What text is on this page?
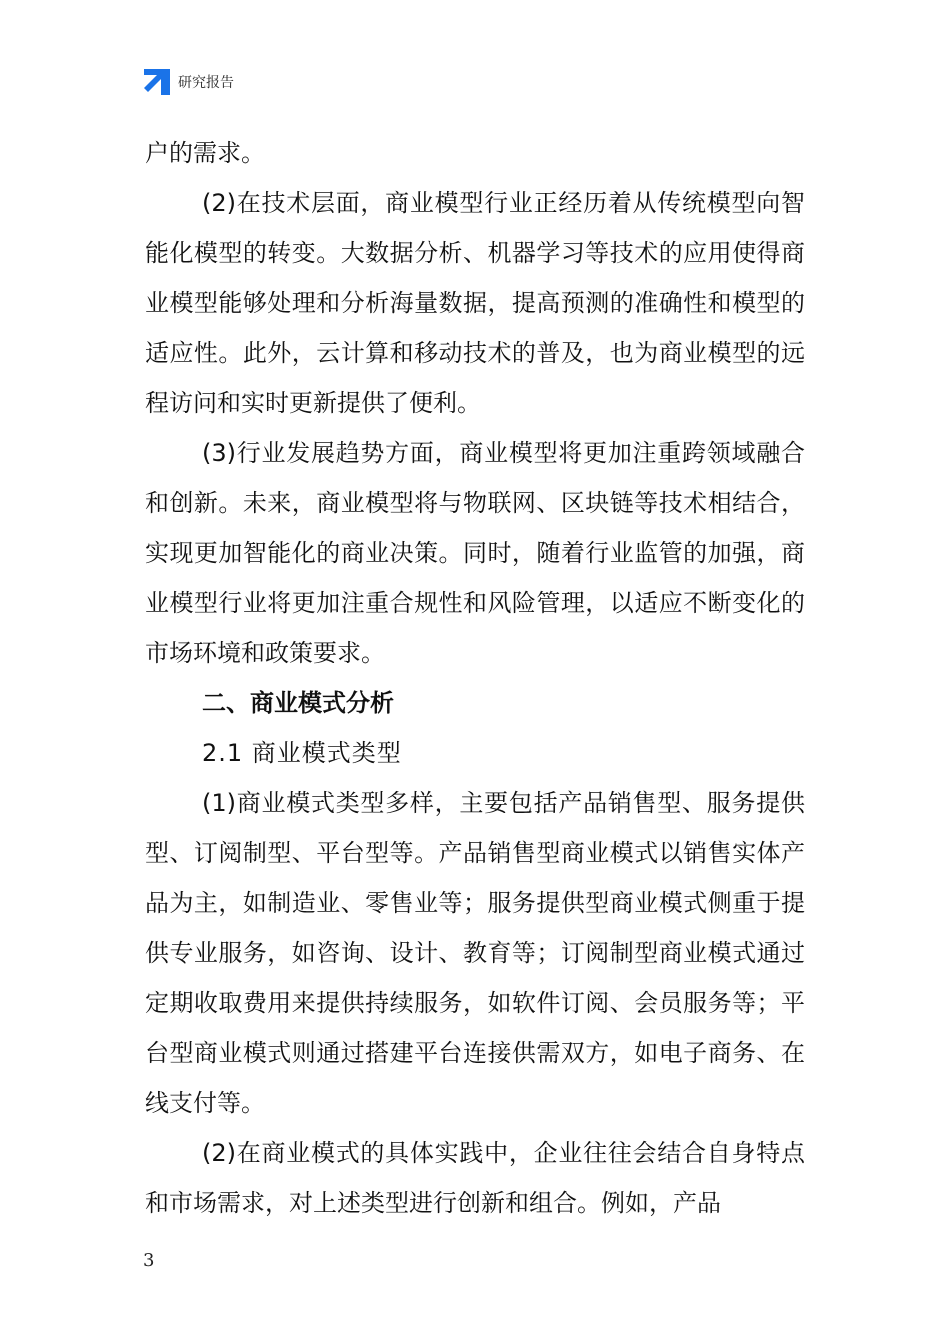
研究报告

户的需求。

(2)在技术层面，商业模型行业正经历着从传统模型向智能化模型的转变。大数据分析、机器学习等技术的应用使得商业模型能够处理和分析海量数据，提高预测的准确性和模型的适应性。此外，云计算和移动技术的普及，也为商业模型的远程访问和实时更新提供了便利。

(3)行业发展趋势方面，商业模型将更加注重跨领域融合和创新。未来，商业模型将与物联网、区块链等技术相结合，实现更加智能化的商业决策。同时，随着行业监管的加强，商业模型行业将更加注重合规性和风险管理，以适应不断变化的市场环境和政策要求。

二、商业模式分析

2.1 商业模式类型

(1)商业模式类型多样，主要包括产品销售型、服务提供型、订阅制型、平台型等。产品销售型商业模式以销售实体产品为主，如制造业、零售业等；服务提供型商业模式侧重于提供专业服务，如咨询、设计、教育等；订阅制型商业模式通过定期收取费用来提供持续服务，如软件订阅、会员服务等；平台型商业模式则通过搭建平台连接供需双方，如电子商务、在线支付等。

(2)在商业模式的具体实践中，企业往往会结合自身特点和市场需求，对上述类型进行创新和组合。例如，产品

3
